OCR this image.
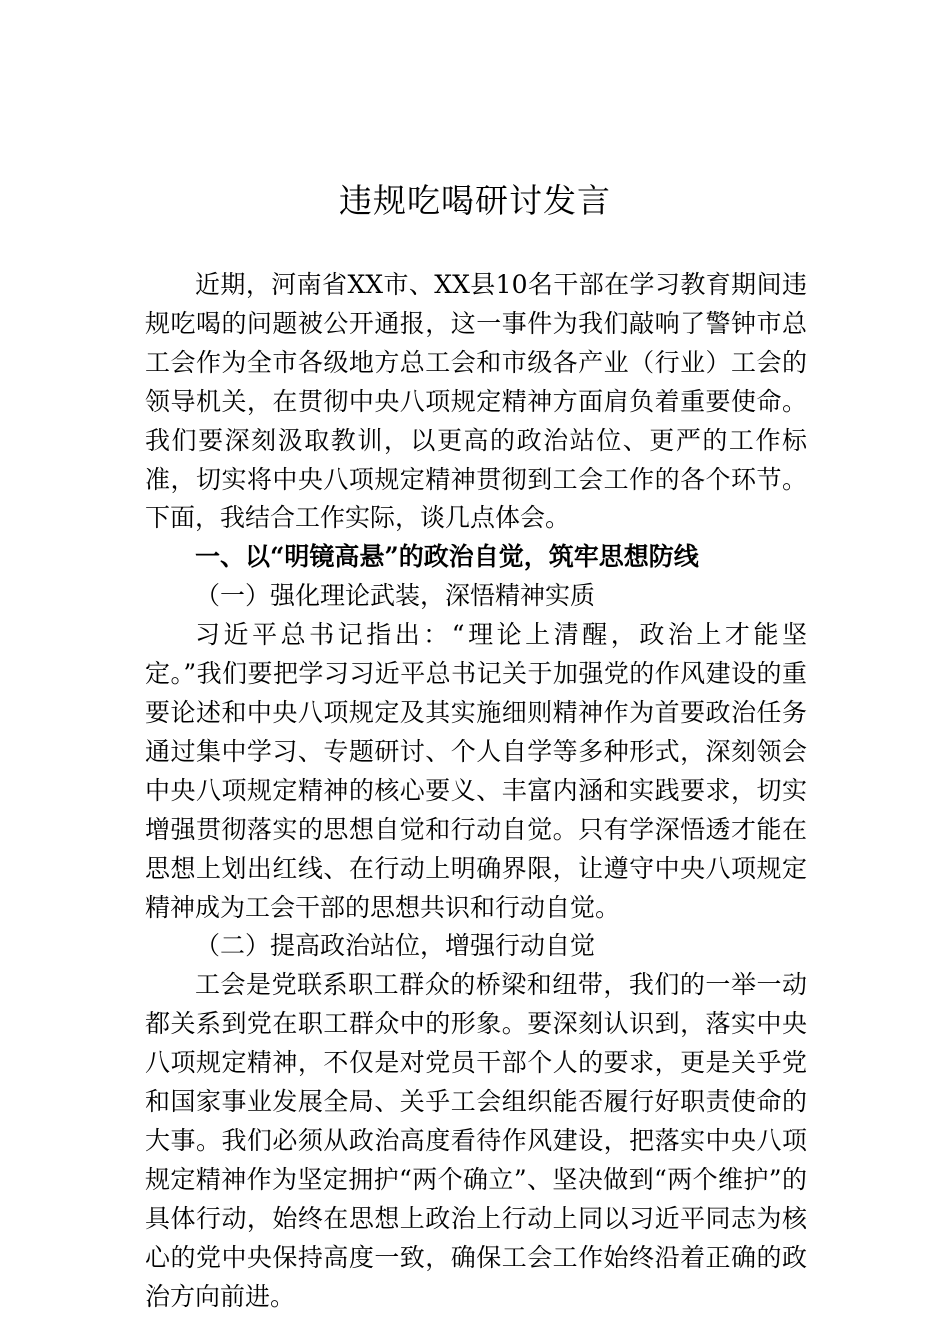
违规吃喝研讨发言

近期，河南省XX市、XX县10名干部在学习教育期间违规吃喝的问题被公开通报，这一事件为我们敲响了警钟市总工会作为全市各级地方总工会和市级各产业（行业）工会的领导机关，在贯彻中央八项规定精神方面肩负着重要使命。我们要深刻汲取教训，以更高的政治站位、更严的工作标准，切实将中央八项规定精神贯彻到工会工作的各个环节。下面，我结合工作实际，谈几点体会。

一、以“明镜高悬”的政治自觉，筑牢思想防线

（一）强化理论武装，深悟精神实质

习近平总书记指出：“理论上清醒，政治上才能坚定。”我们要把学习习近平总书记关于加强党的作风建设的重要论述和中央八项规定及其实施细则精神作为首要政治任务通过集中学习、专题研讨、个人自学等多种形式，深刻领会中央八项规定精神的核心要义、丰富内涵和实践要求，切实增强贯彻落实的思想自觉和行动自觉。只有学深悟透才能在思想上划出红线、在行动上明确界限，让遵守中央八项规定精神成为工会干部的思想共识和行动自觉。

（二）提高政治站位，增强行动自觉

工会是党联系职工群众的桥梁和纽带，我们的一举一动都关系到党在职工群众中的形象。要深刻认识到，落实中央八项规定精神，不仅是对党员干部个人的要求，更是关乎党和国家事业发展全局、关乎工会组织能否履行好职责使命的大事。我们必须从政治高度看待作风建设，把落实中央八项规定精神作为坚定拥护“两个确立”、坚决做到“两个维护”的具体行动，始终在思想上政治上行动上同以习近平同志为核心的党中央保持高度一致，确保工会工作始终沿着正确的政治方向前进。
